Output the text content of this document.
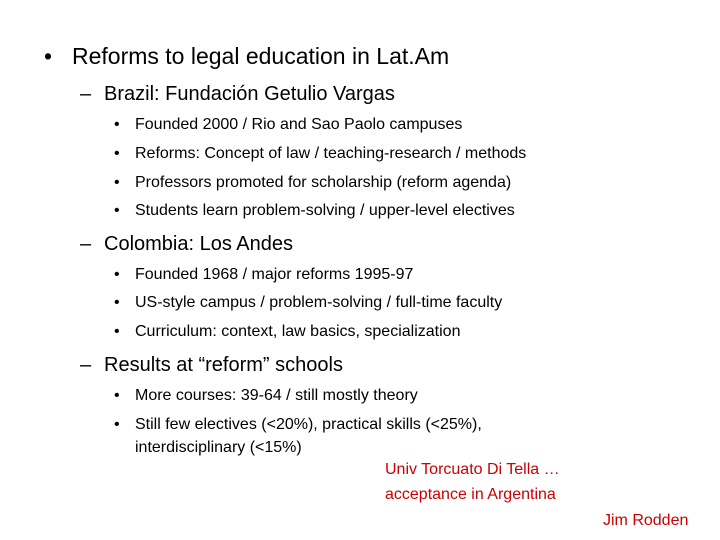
• Reforms to legal education in Lat.Am
– Brazil: Fundación Getulio Vargas
• Founded 2000 / Rio and Sao Paolo campuses
• Reforms: Concept of law / teaching-research / methods
• Professors promoted for scholarship (reform agenda)
• Students learn problem-solving / upper-level electives
– Colombia: Los Andes
• Founded 1968 / major reforms 1995-97
• US-style campus / problem-solving / full-time faculty
• Curriculum: context, law basics, specialization
– Results at “reform” schools
• More courses: 39-64 / still mostly theory
• Still few electives (<20%), practical skills (<25%),
interdisciplinary (<15%)
Univ Torcuato Di Tella …
acceptance in Argentina
Jim Rodden
